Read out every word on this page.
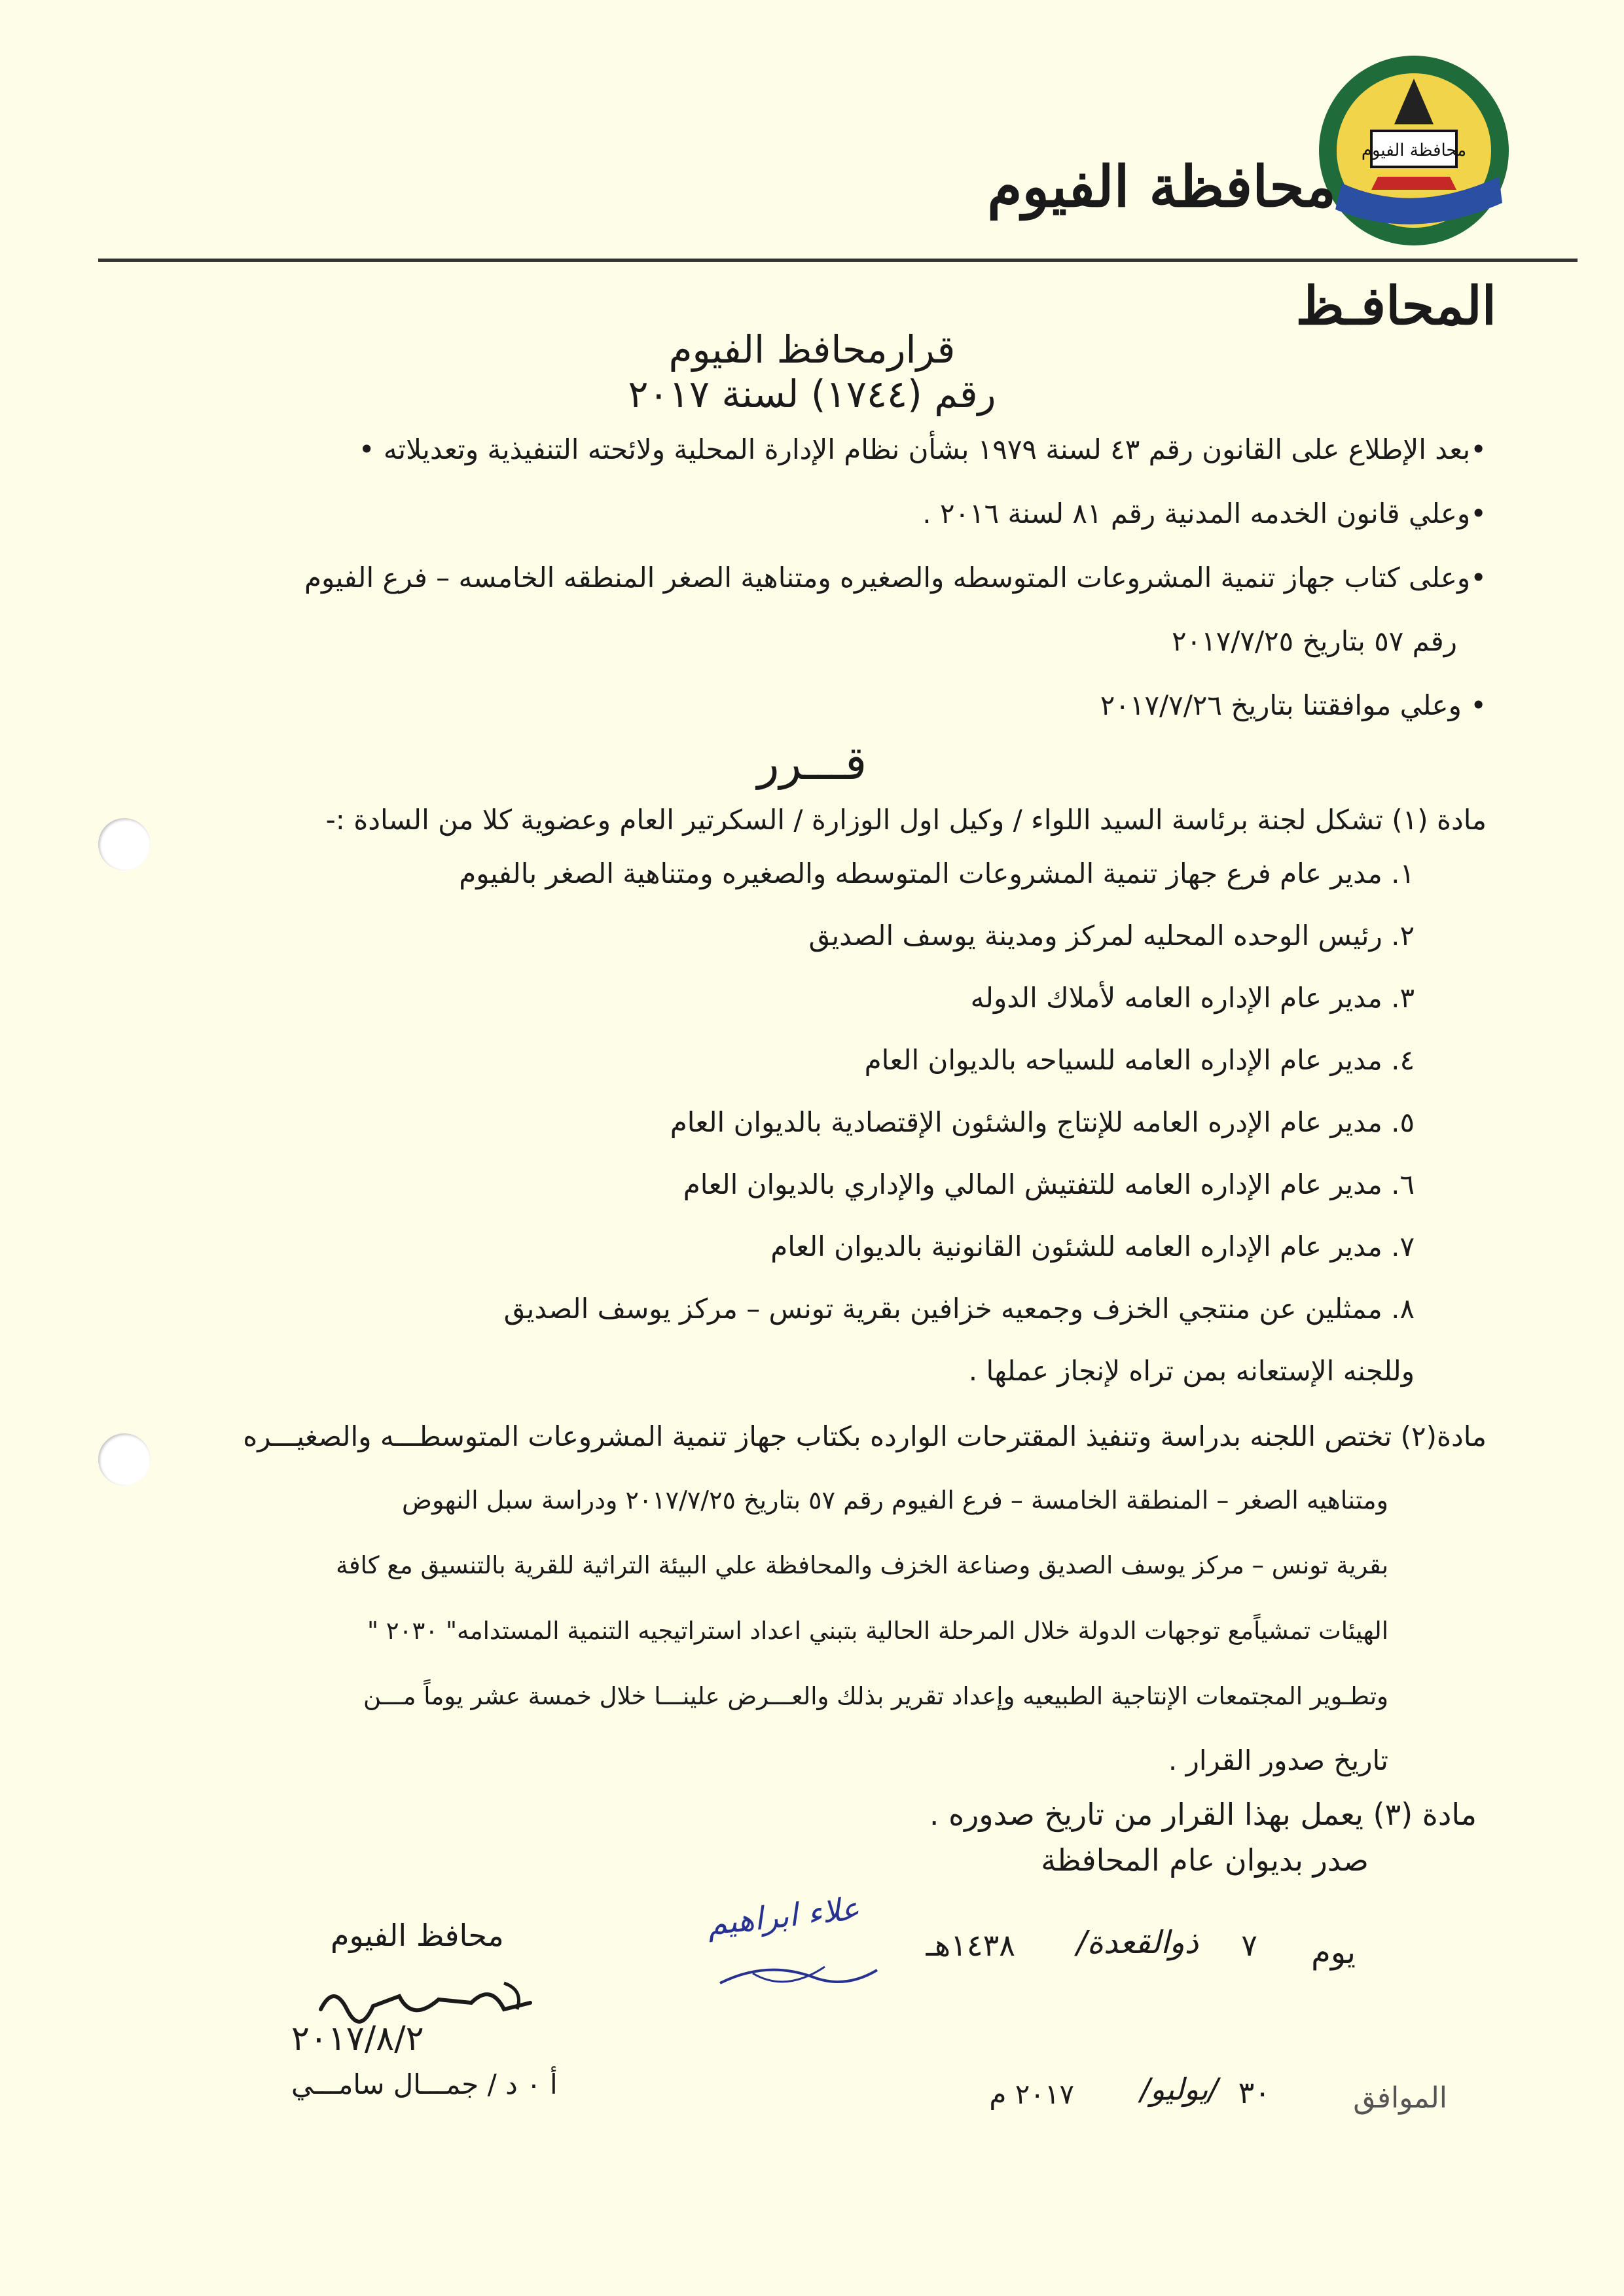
محافظة الفيوم
محافظة الفيوم
المحافـظ
قرارمحافظ الفيوم
رقم (١٧٤٤) لسنة ٢٠١٧
•بعد الإطلاع على القانون رقم ٤٣ لسنة ١٩٧٩ بشأن نظام الإدارة المحلية ولائحته التنفيذية وتعديلاته •
•وعلي قانون الخدمه المدنية رقم ٨١ لسنة ٢٠١٦ .
•وعلى كتاب جهاز تنمية المشروعات المتوسطه والصغيره ومتناهية الصغر المنطقه الخامسه – فرع الفيوم
رقم ٥٧ بتاريخ ٢٠١٧/٧/٢٥
• وعلي موافقتنا بتاريخ ٢٠١٧/٧/٢٦
قـــرر
مادة (١) تشكل لجنة برئاسة السيد اللواء / وكيل اول الوزارة / السكرتير العام وعضوية كلا من السادة :-
١. مدير عام فرع جهاز تنمية المشروعات المتوسطه والصغيره ومتناهية الصغر بالفيوم
٢. رئيس الوحده المحليه لمركز ومدينة يوسف الصديق
٣. مدير عام الإداره العامه لأملاك الدوله
٤. مدير عام الإداره العامه للسياحه بالديوان العام
٥. مدير عام الإدره العامه للإنتاج والشئون الإقتصادية بالديوان العام
٦. مدير عام الإداره العامه للتفتيش المالي والإداري بالديوان العام
٧. مدير عام الإداره العامه للشئون القانونية بالديوان العام
٨. ممثلين عن منتجي الخزف وجمعيه خزافين بقرية تونس – مركز يوسف الصديق
وللجنه الإستعانه بمن تراه لإنجاز عملها .
مادة(٢) تختص اللجنه بدراسة وتنفيذ المقترحات الوارده بكتاب جهاز تنمية المشروعات المتوسطـــه والصغيـــره
ومتناهيه الصغر – المنطقة الخامسة – فرع الفيوم رقم ٥٧ بتاريخ ٢٠١٧/٧/٢٥ ودراسة سبل النهوض
بقرية تونس – مركز يوسف الصديق وصناعة الخزف والمحافظة علي البيئة التراثية للقرية بالتنسيق مع كافة
الهيئات تمشياًمع توجهات الدولة خلال المرحلة الحالية بتبني اعداد استراتيجيه التنمية المستدامه" ٢٠٣٠ "
وتطـوير المجتمعات الإنتاجية الطبيعيه وإعداد تقرير بذلك والعـــرض علينـــا خلال خمسة عشر يوماً مـــن
تاريخ صدور القرار .
مادة (٣) يعمل بهذا القرار من تاريخ صدوره .
صدر بديوان عام المحافظة
محافظ الفيوم
٢٠١٧/٨/٢
أ ٠ د / جمـــال سامـــي
علاء ابراهيم
يوم
٧
ذوالقعدة/
١٤٣٨هـ
الموافق
٣٠
/يوليو/
٢٠١٧ م
